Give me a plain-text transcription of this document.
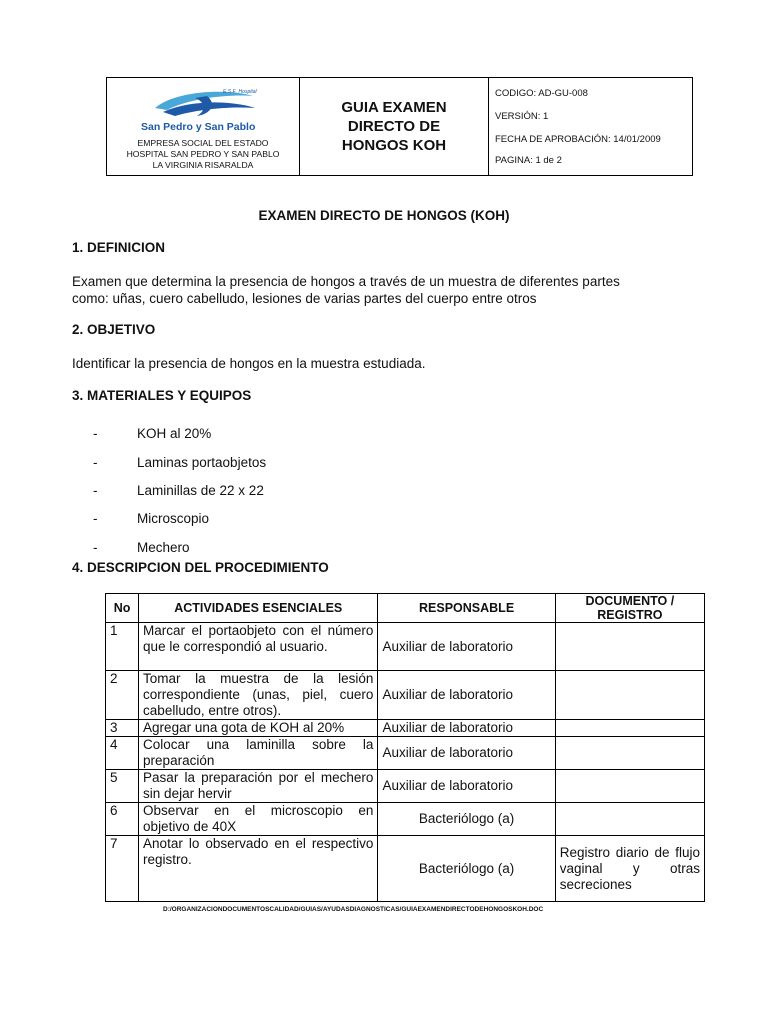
E.S.E. Hospital
San Pedro y San Pablo
EMPRESA SOCIAL DEL ESTADO
HOSPITAL SAN PEDRO Y SAN PABLO
LA VIRGINIA RISARALDA
GUIA EXAMEN
DIRECTO DE
HONGOS KOH
CODIGO: AD-GU-008
VERSIÓN: 1
FECHA DE APROBACIÓN: 14/01/2009
PAGINA: 1 de 2
EXAMEN DIRECTO DE HONGOS (KOH)
1. DEFINICION
Examen que determina la presencia de hongos a través de un muestra de diferentes partes
como: uñas, cuero cabelludo, lesiones de varias partes del cuerpo entre otros
2. OBJETIVO
Identificar la presencia de hongos en la muestra estudiada.
3. MATERIALES Y EQUIPOS
-	KOH al 20%
-	Laminas portaobjetos
-	Laminillas de 22 x 22
-	Microscopio
-	Mechero
4. DESCRIPCION DEL PROCEDIMIENTO
No	ACTIVIDADES ESENCIALES	RESPONSABLE	DOCUMENTO / REGISTRO
1	Marcar el portaobjeto con el número que le correspondió al usuario.	Auxiliar de laboratorio	
2	Tomar la muestra de la lesión correspondiente (unas, piel, cuero cabelludo, entre otros).	Auxiliar de laboratorio	
3	Agregar una gota de KOH al 20%	Auxiliar de laboratorio	
4	Colocar una laminilla sobre la preparación	Auxiliar de laboratorio	
5	Pasar la preparación por el mechero sin dejar hervir	Auxiliar de laboratorio	
6	Observar en el microscopio en objetivo de 40X	Bacteriólogo (a)	
7	Anotar lo observado en el respectivo registro.	Bacteriólogo (a)	Registro diario de flujo vaginal y otras secreciones
D:/ORGANIZACIONDOCUMENTOSCALIDAD/GUIAS/AYUDASDIAGNOSTICAS/GUIAEXAMENDIRECTODEHONGOSKOH.DOC
